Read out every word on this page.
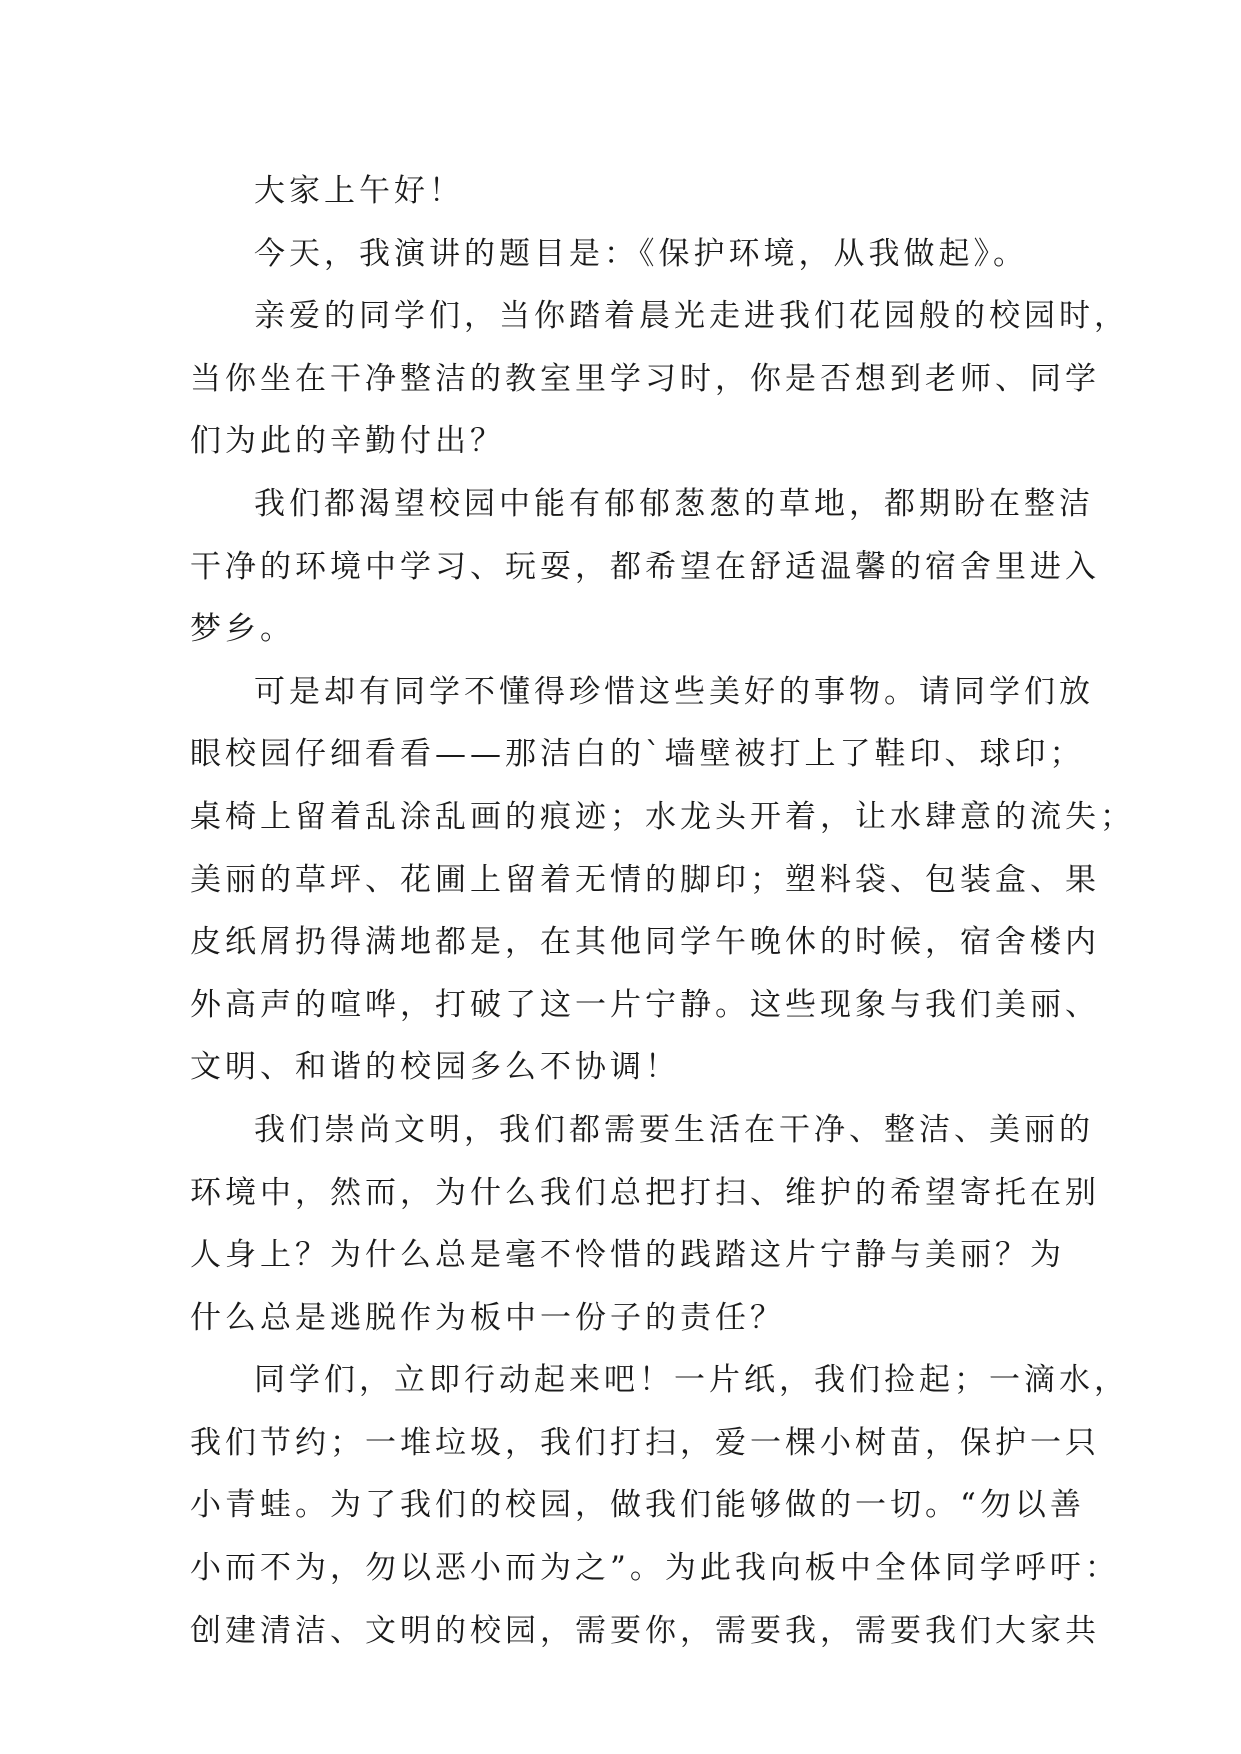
大家上午好！
今天，我演讲的题目是：《保护环境，从我做起》。
亲爱的同学们，当你踏着晨光走进我们花园般的校园时，
当你坐在干净整洁的教室里学习时，你是否想到老师、同学
们为此的辛勤付出？
我们都渴望校园中能有郁郁葱葱的草地，都期盼在整洁
干净的环境中学习、玩耍，都希望在舒适温馨的宿舍里进入
梦乡。
可是却有同学不懂得珍惜这些美好的事物。请同学们放
眼校园仔细看看——那洁白的`墙壁被打上了鞋印、球印；
桌椅上留着乱涂乱画的痕迹；水龙头开着，让水肆意的流失；
美丽的草坪、花圃上留着无情的脚印；塑料袋、包装盒、果
皮纸屑扔得满地都是，在其他同学午晚休的时候，宿舍楼内
外高声的喧哗，打破了这一片宁静。这些现象与我们美丽、
文明、和谐的校园多么不协调！
我们崇尚文明，我们都需要生活在干净、整洁、美丽的
环境中，然而，为什么我们总把打扫、维护的希望寄托在别
人身上？为什么总是毫不怜惜的践踏这片宁静与美丽？为
什么总是逃脱作为板中一份子的责任？
同学们，立即行动起来吧！一片纸，我们捡起；一滴水，
我们节约；一堆垃圾，我们打扫，爱一棵小树苗，保护一只
小青蛙。为了我们的校园，做我们能够做的一切。“勿以善
小而不为，勿以恶小而为之”。为此我向板中全体同学呼吁：
创建清洁、文明的校园，需要你，需要我，需要我们大家共
